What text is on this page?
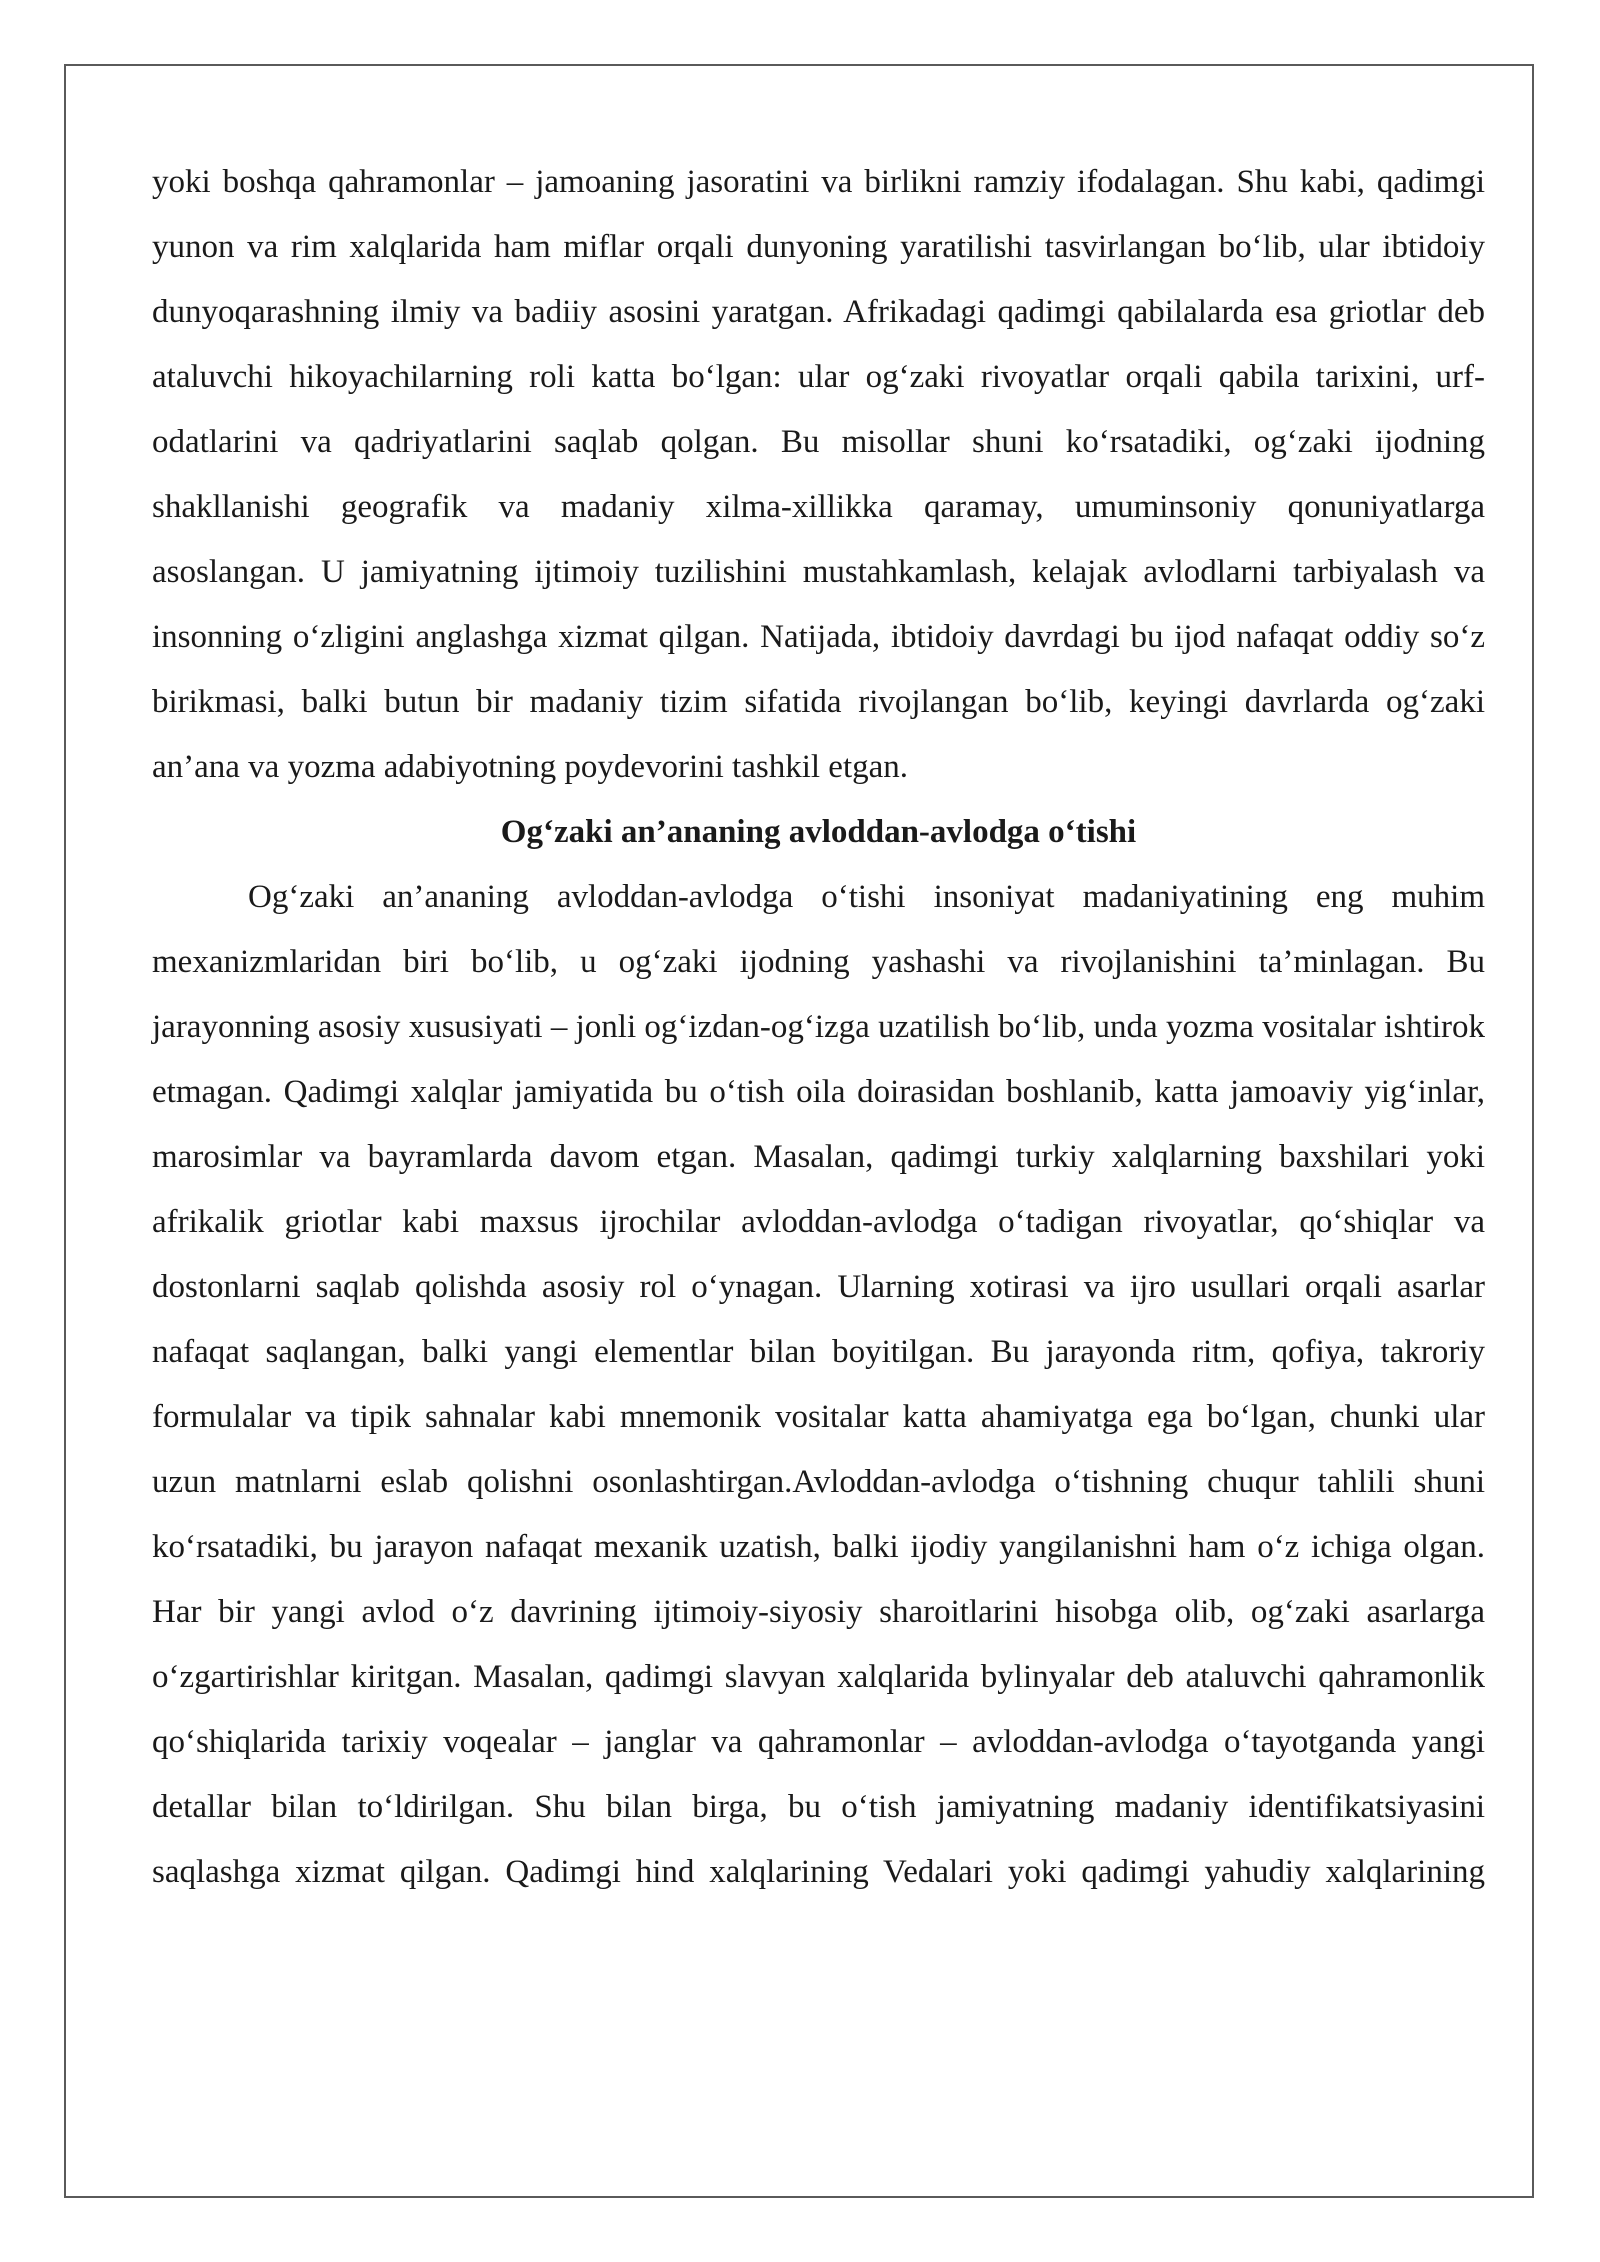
yoki boshqa qahramonlar – jamoaning jasoratini va birlikni ramziy ifodalagan. Shu kabi, qadimgi yunon va rim xalqlarida ham miflar orqali dunyoning yaratilishi tasvirlangan bo‘lib, ular ibtidoiy dunyoqarashning ilmiy va badiiy asosini yaratgan. Afrikadagi qadimgi qabilalarda esa griotlar deb ataluvchi hikoyachilarning roli katta bo‘lgan: ular og‘zaki rivoyatlar orqali qabila tarixini, urf-odatlarini va qadriyatlarini saqlab qolgan. Bu misollar shuni ko‘rsatadiki, og‘zaki ijodning shakllanishi geografik va madaniy xilma-xillikka qaramay, umuminsoniy qonuniyatlarga asoslangan. U jamiyatning ijtimoiy tuzilishini mustahkamlash, kelajak avlodlarni tarbiyalash va insonning o‘zligini anglashga xizmat qilgan. Natijada, ibtidoiy davrdagi bu ijod nafaqat oddiy so‘z birikmasi, balki butun bir madaniy tizim sifatida rivojlangan bo‘lib, keyingi davrlarda og‘zaki an’ana va yozma adabiyotning poydevorini tashkil etgan.

Og‘zaki an’ananing avloddan-avlodga o‘tishi

Og‘zaki an’ananing avloddan-avlodga o‘tishi insoniyat madaniyatining eng muhim mexanizmlaridan biri bo‘lib, u og‘zaki ijodning yashashi va rivojlanishini ta’minlagan. Bu jarayonning asosiy xususiyati – jonli og‘izdan-og‘izga uzatilish bo‘lib, unda yozma vositalar ishtirok etmagan. Qadimgi xalqlar jamiyatida bu o‘tish oila doirasidan boshlanib, katta jamoaviy yig‘inlar, marosimlar va bayramlarda davom etgan. Masalan, qadimgi turkiy xalqlarning baxshilari yoki afrikalik griotlar kabi maxsus ijrochilar avloddan-avlodga o‘tadigan rivoyatlar, qo‘shiqlar va dostonlarni saqlab qolishda asosiy rol o‘ynagan. Ularning xotirasi va ijro usullari orqali asarlar nafaqat saqlangan, balki yangi elementlar bilan boyitilgan. Bu jarayonda ritm, qofiya, takroriy formulalar va tipik sahnalar kabi mnemonik vositalar katta ahamiyatga ega bo‘lgan, chunki ular uzun matnlarni eslab qolishni osonlashtirgan.Avloddan-avlodga o‘tishning chuqur tahlili shuni ko‘rsatadiki, bu jarayon nafaqat mexanik uzatish, balki ijodiy yangilanishni ham o‘z ichiga olgan. Har bir yangi avlod o‘z davrining ijtimoiy-siyosiy sharoitlarini hisobga olib, og‘zaki asarlarga o‘zgartirishlar kiritgan. Masalan, qadimgi slavyan xalqlarida bylinyalar deb ataluvchi qahramonlik qo‘shiqlarida tarixiy voqealar – janglar va qahramonlar – avloddan-avlodga o‘tayotganda yangi detallar bilan to‘ldirilgan. Shu bilan birga, bu o‘tish jamiyatning madaniy identifikatsiyasini saqlashga xizmat qilgan. Qadimgi hind xalqlarining Vedalari yoki qadimgi yahudiy xalqlarining
